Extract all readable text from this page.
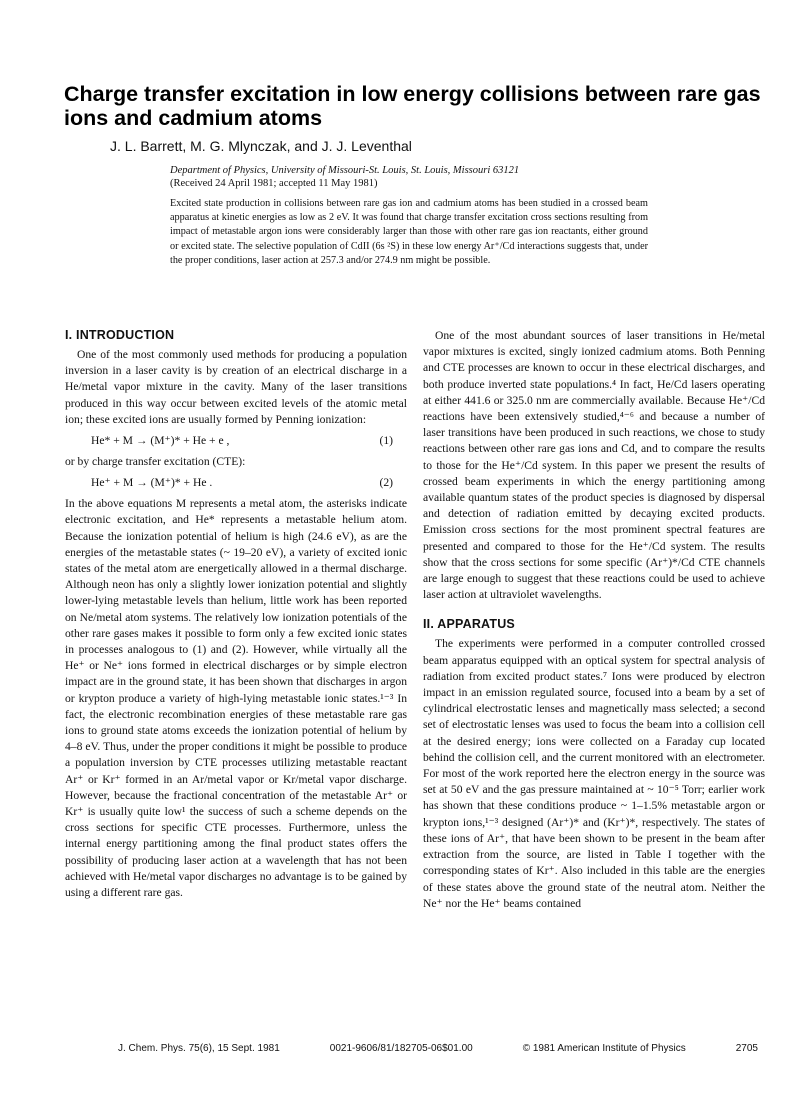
Charge transfer excitation in low energy collisions between rare gas ions and cadmium atoms

J. L. Barrett, M. G. Mlynczak, and J. J. Leventhal

Department of Physics, University of Missouri-St. Louis, St. Louis, Missouri 63121
(Received 24 April 1981; accepted 11 May 1981)

Excited state production in collisions between rare gas ion and cadmium atoms has been studied in a crossed beam apparatus at kinetic energies as low as 2 eV. It was found that charge transfer excitation cross sections resulting from impact of metastable argon ions were considerably larger than those with other rare gas ion reactants, either ground or excited state. The selective population of CdII (6s ²S) in these low energy Ar⁺/Cd interactions suggests that, under the proper conditions, laser action at 257.3 and/or 274.9 nm might be possible.

I. INTRODUCTION

One of the most commonly used methods for producing a population inversion in a laser cavity is by creation of an electrical discharge in a He/metal vapor mixture in the cavity. Many of the laser transitions produced in this way occur between excited levels of the atomic metal ion; these excited ions are usually formed by Penning ionization:

He* + M → (M⁺)* + He + e ,	(1)

or by charge transfer excitation (CTE):

He⁺ + M → (M⁺)* + He .	(2)

In the above equations M represents a metal atom, the asterisks indicate electronic excitation, and He* represents a metastable helium atom. Because the ionization potential of helium is high (24.6 eV), as are the energies of the metastable states (~ 19–20 eV), a variety of excited ionic states of the metal atom are energetically allowed in a thermal discharge. Although neon has only a slightly lower ionization potential and slightly lower-lying metastable levels than helium, little work has been reported on Ne/metal atom systems. The relatively low ionization potentials of the other rare gases makes it possible to form only a few excited ionic states in processes analogous to (1) and (2). However, while virtually all the He⁺ or Ne⁺ ions formed in electrical discharges or by simple electron impact are in the ground state, it has been shown that discharges in argon or krypton produce a variety of high-lying metastable ionic states.¹⁻³ In fact, the electronic recombination energies of these metastable rare gas ions to ground state atoms exceeds the ionization potential of helium by 4–8 eV. Thus, under the proper conditions it might be possible to produce a population inversion by CTE processes utilizing metastable reactant Ar⁺ or Kr⁺ formed in an Ar/metal vapor or Kr/metal vapor discharge. However, because the fractional concentration of the metastable Ar⁺ or Kr⁺ is usually quite low¹ the success of such a scheme depends on the cross sections for specific CTE processes. Furthermore, unless the internal energy partitioning among the final product states offers the possibility of producing laser action at a wavelength that has not been achieved with He/metal vapor discharges no advantage is to be gained by using a different rare gas.

One of the most abundant sources of laser transitions in He/metal vapor mixtures is excited, singly ionized cadmium atoms. Both Penning and CTE processes are known to occur in these electrical discharges, and both produce inverted state populations.⁴ In fact, He/Cd lasers operating at either 441.6 or 325.0 nm are commercially available. Because He⁺/Cd reactions have been extensively studied,⁴⁻⁶ and because a number of laser transitions have been produced in such reactions, we chose to study reactions between other rare gas ions and Cd, and to compare the results to those for the He⁺/Cd system. In this paper we present the results of crossed beam experiments in which the energy partitioning among available quantum states of the product species is diagnosed by dispersal and detection of radiation emitted by decaying excited products. Emission cross sections for the most prominent spectral features are presented and compared to those for the He⁺/Cd system. The results show that the cross sections for some specific (Ar⁺)*/Cd CTE channels are large enough to suggest that these reactions could be used to achieve laser action at ultraviolet wavelengths.

II. APPARATUS

The experiments were performed in a computer controlled crossed beam apparatus equipped with an optical system for spectral analysis of radiation from excited product states.⁷ Ions were produced by electron impact in an emission regulated source, focused into a beam by a set of cylindrical electrostatic lenses and magnetically mass selected; a second set of electrostatic lenses was used to focus the beam into a collision cell at the desired energy; ions were collected on a Faraday cup located behind the collision cell, and the current monitored with an electrometer. For most of the work reported here the electron energy in the source was set at 50 eV and the gas pressure maintained at ~ 10⁻⁵ Torr; earlier work has shown that these conditions produce ~ 1–1.5% metastable argon or krypton ions,¹⁻³ designed (Ar⁺)* and (Kr⁺)*, respectively. The states of these ions of Ar⁺, that have been shown to be present in the beam after extraction from the source, are listed in Table I together with the corresponding states of Kr⁺. Also included in this table are the energies of these states above the ground state of the neutral atom. Neither the Ne⁺ nor the He⁺ beams contained

J. Chem. Phys. 75(6), 15 Sept. 1981	0021-9606/81/182705-06$01.00	© 1981 American Institute of Physics	2705
